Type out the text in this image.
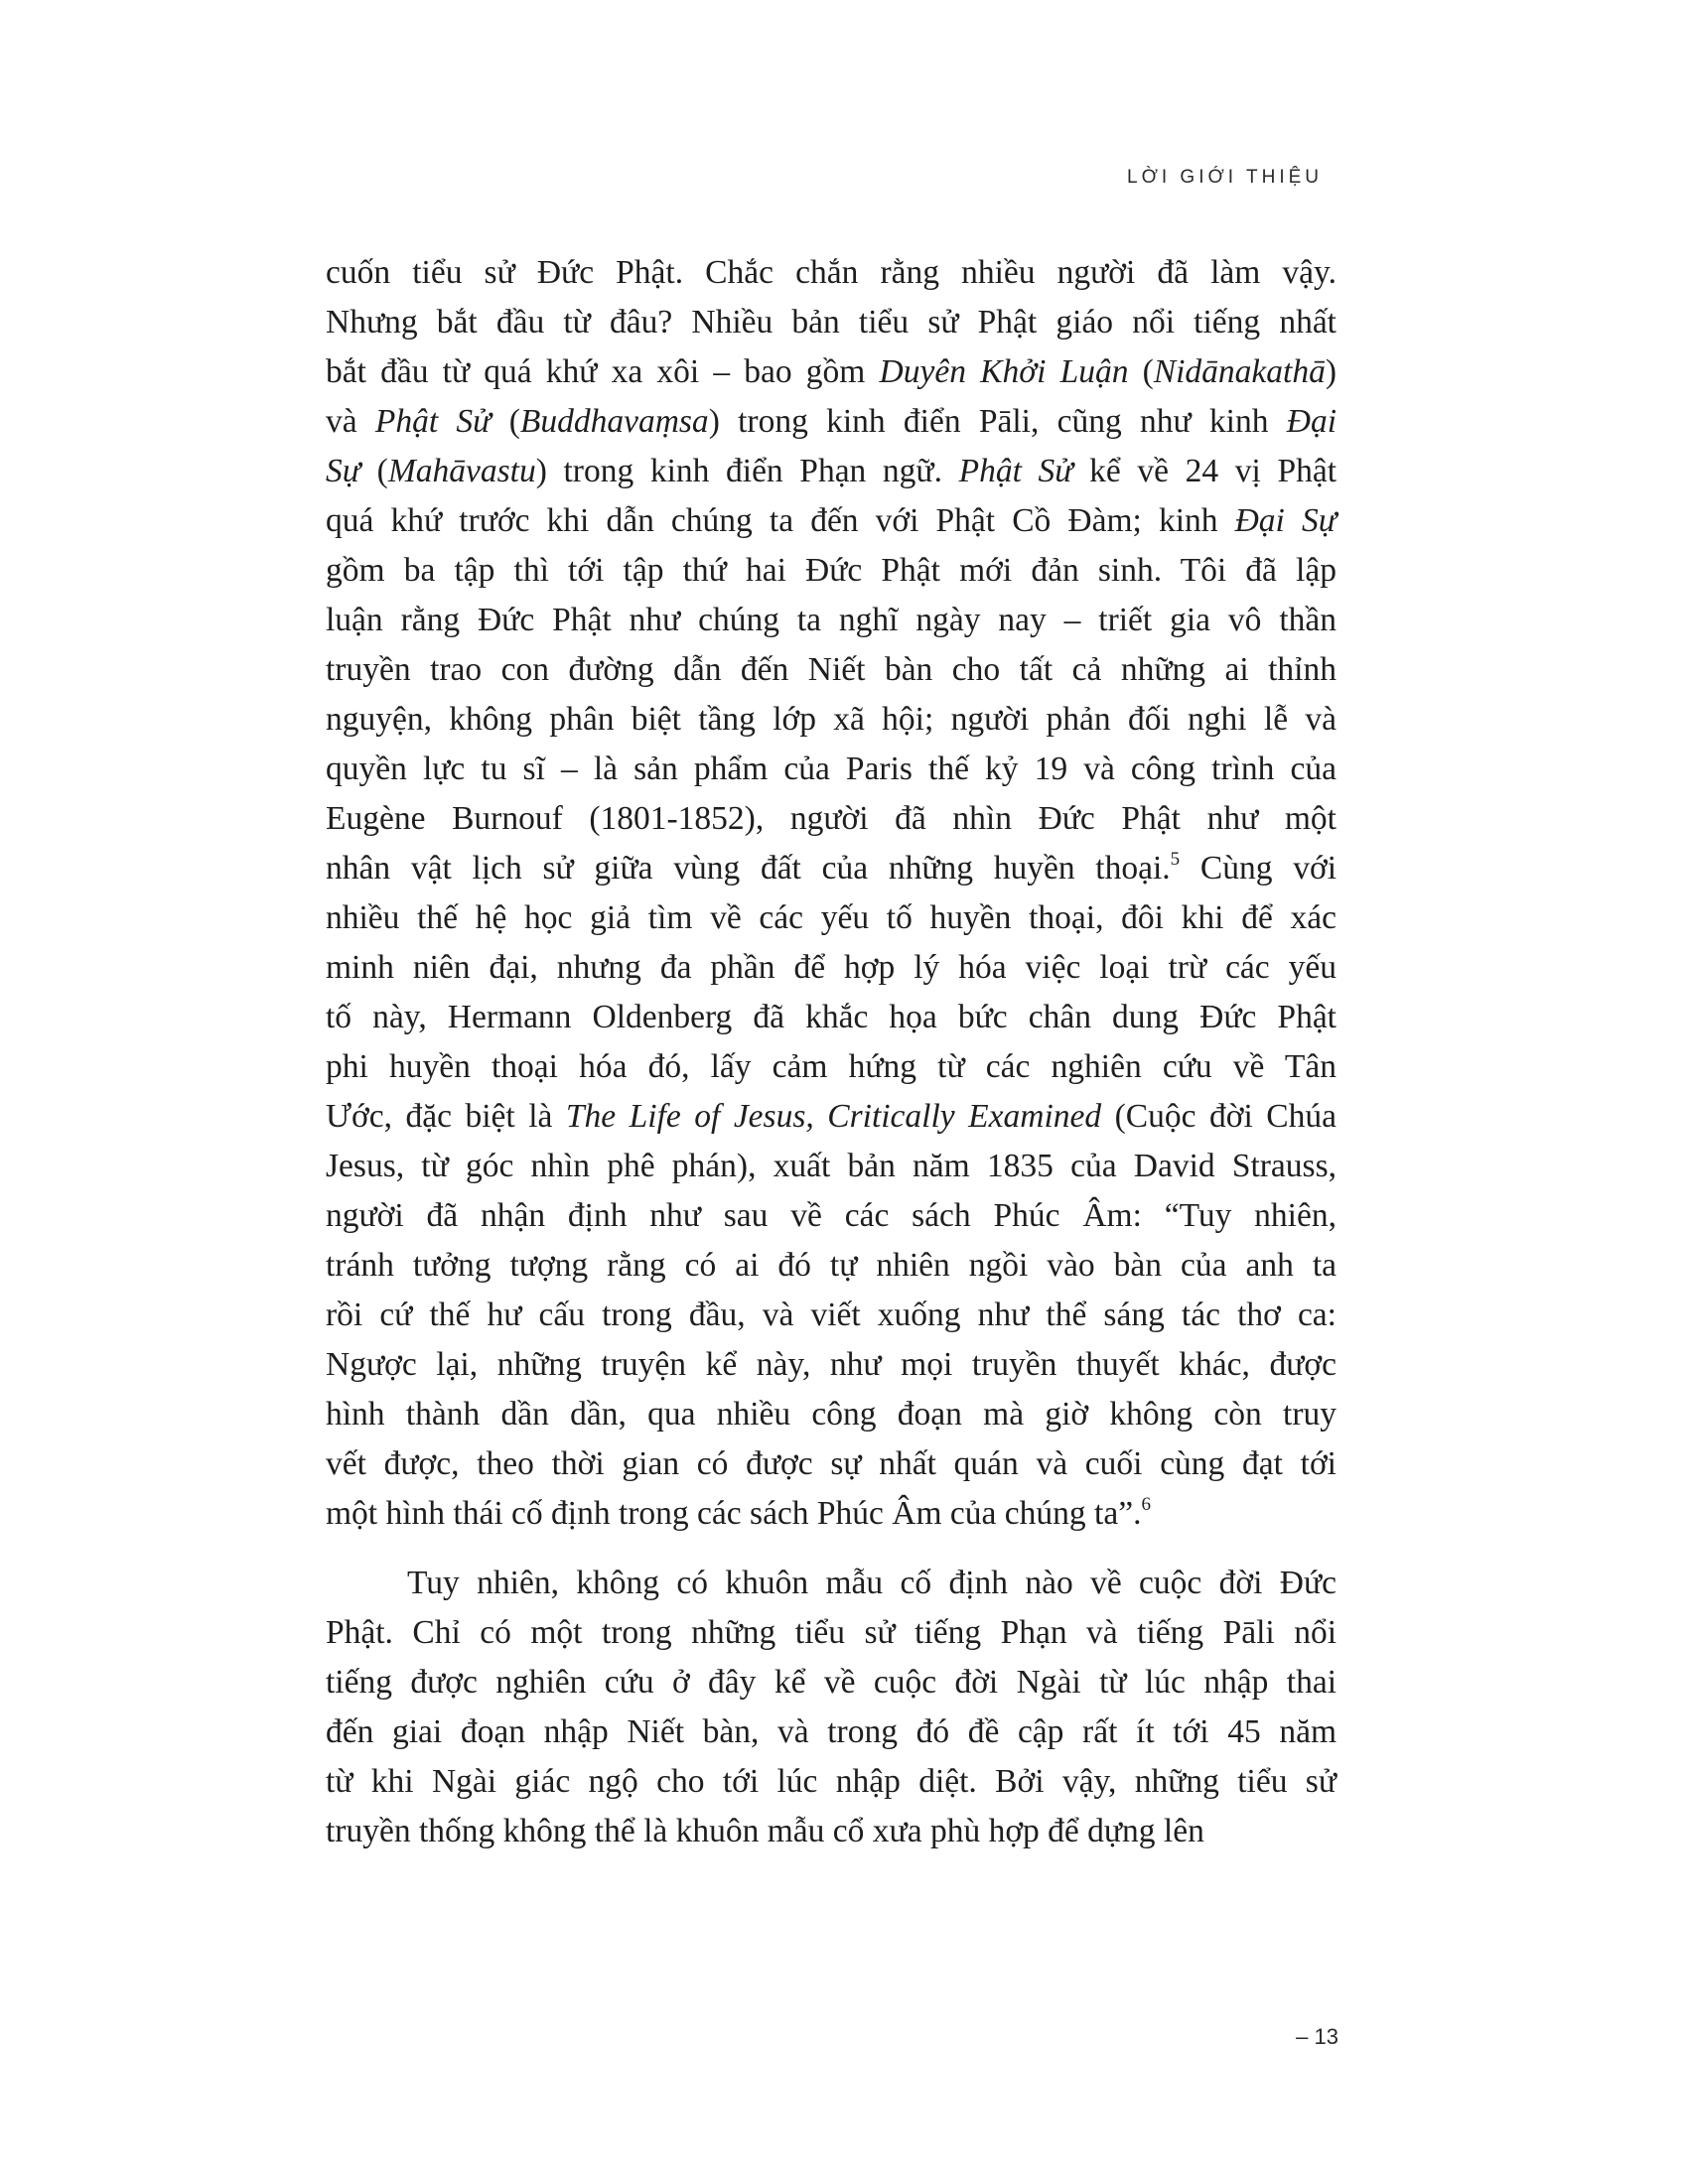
LỜI GIỚI THIỆU
cuốn tiểu sử Đức Phật. Chắc chắn rằng nhiều người đã làm vậy.
Nhưng bắt đầu từ đâu? Nhiều bản tiểu sử Phật giáo nổi tiếng nhất
bắt đầu từ quá khứ xa xôi – bao gồm Duyên Khởi Luận (Nidānakathā)
và Phật Sử (Buddhavaṃsa) trong kinh điển Pāli, cũng như kinh Đại
Sự (Mahāvastu) trong kinh điển Phạn ngữ. Phật Sử kể về 24 vị Phật
quá khứ trước khi dẫn chúng ta đến với Phật Cồ Đàm; kinh Đại Sự
gồm ba tập thì tới tập thứ hai Đức Phật mới đản sinh. Tôi đã lập
luận rằng Đức Phật như chúng ta nghĩ ngày nay – triết gia vô thần
truyền trao con đường dẫn đến Niết bàn cho tất cả những ai thỉnh
nguyện, không phân biệt tầng lớp xã hội; người phản đối nghi lễ và
quyền lực tu sĩ – là sản phẩm của Paris thế kỷ 19 và công trình của
Eugène Burnouf (1801-1852), người đã nhìn Đức Phật như một
nhân vật lịch sử giữa vùng đất của những huyền thoại.$^5$ Cùng với
nhiều thế hệ học giả tìm về các yếu tố huyền thoại, đôi khi để xác
minh niên đại, nhưng đa phần để hợp lý hóa việc loại trừ các yếu
tố này, Hermann Oldenberg đã khắc họa bức chân dung Đức Phật
phi huyền thoại hóa đó, lấy cảm hứng từ các nghiên cứu về Tân
Ước, đặc biệt là The Life of Jesus, Critically Examined (Cuộc đời Chúa
Jesus, từ góc nhìn phê phán), xuất bản năm 1835 của David Strauss,
người đã nhận định như sau về các sách Phúc Âm: “Tuy nhiên,
tránh tưởng tượng rằng có ai đó tự nhiên ngồi vào bàn của anh ta
rồi cứ thế hư cấu trong đầu, và viết xuống như thể sáng tác thơ ca:
Ngược lại, những truyện kể này, như mọi truyền thuyết khác, được
hình thành dần dần, qua nhiều công đoạn mà giờ không còn truy
vết được, theo thời gian có được sự nhất quán và cuối cùng đạt tới
một hình thái cố định trong các sách Phúc Âm của chúng ta”.$^6$
Tuy nhiên, không có khuôn mẫu cố định nào về cuộc đời Đức
Phật. Chỉ có một trong những tiểu sử tiếng Phạn và tiếng Pāli nổi
tiếng được nghiên cứu ở đây kể về cuộc đời Ngài từ lúc nhập thai
đến giai đoạn nhập Niết bàn, và trong đó đề cập rất ít tới 45 năm
từ khi Ngài giác ngộ cho tới lúc nhập diệt. Bởi vậy, những tiểu sử
truyền thống không thể là khuôn mẫu cổ xưa phù hợp để dựng lên
– 13
